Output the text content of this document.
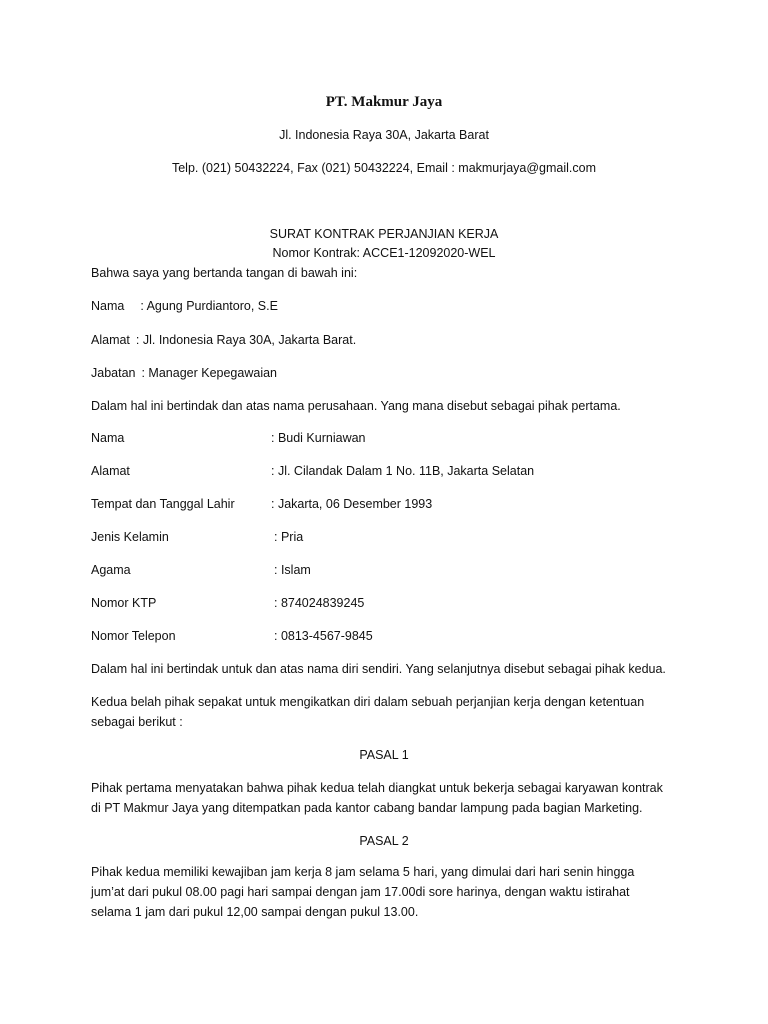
PT. Makmur Jaya
Jl. Indonesia Raya 30A, Jakarta Barat
Telp. (021) 50432224, Fax (021) 50432224, Email : makmurjaya@gmail.com
SURAT KONTRAK PERJANJIAN KERJA
Nomor Kontrak: ACCE1-12092020-WEL
Bahwa saya yang bertanda tangan di bawah ini:
Nama : Agung Purdiantoro, S.E
Alamat : Jl. Indonesia Raya 30A, Jakarta Barat.
Jabatan : Manager Kepegawaian
Dalam hal ini bertindak dan atas nama perusahaan. Yang mana disebut sebagai pihak pertama.
Nama	: Budi Kurniawan
Alamat	: Jl. Cilandak Dalam 1 No. 11B, Jakarta Selatan
Tempat dan Tanggal Lahir	: Jakarta, 06 Desember 1993
Jenis Kelamin	: Pria
Agama	: Islam
Nomor KTP	: 874024839245
Nomor Telepon	: 0813-4567-9845
Dalam hal ini bertindak untuk dan atas nama diri sendiri. Yang selanjutnya disebut sebagai pihak kedua.
Kedua belah pihak sepakat untuk mengikatkan diri dalam sebuah perjanjian kerja dengan ketentuan sebagai berikut :
PASAL 1
Pihak pertama menyatakan bahwa pihak kedua telah diangkat untuk bekerja sebagai karyawan kontrak di PT Makmur Jaya yang ditempatkan pada kantor cabang bandar lampung pada bagian Marketing.
PASAL 2
Pihak kedua memiliki kewajiban jam kerja 8 jam selama 5 hari, yang dimulai dari hari senin hingga jum’at dari pukul 08.00 pagi hari sampai dengan jam 17.00di sore harinya, dengan waktu istirahat selama 1 jam dari pukul 12,00 sampai dengan pukul 13.00.
